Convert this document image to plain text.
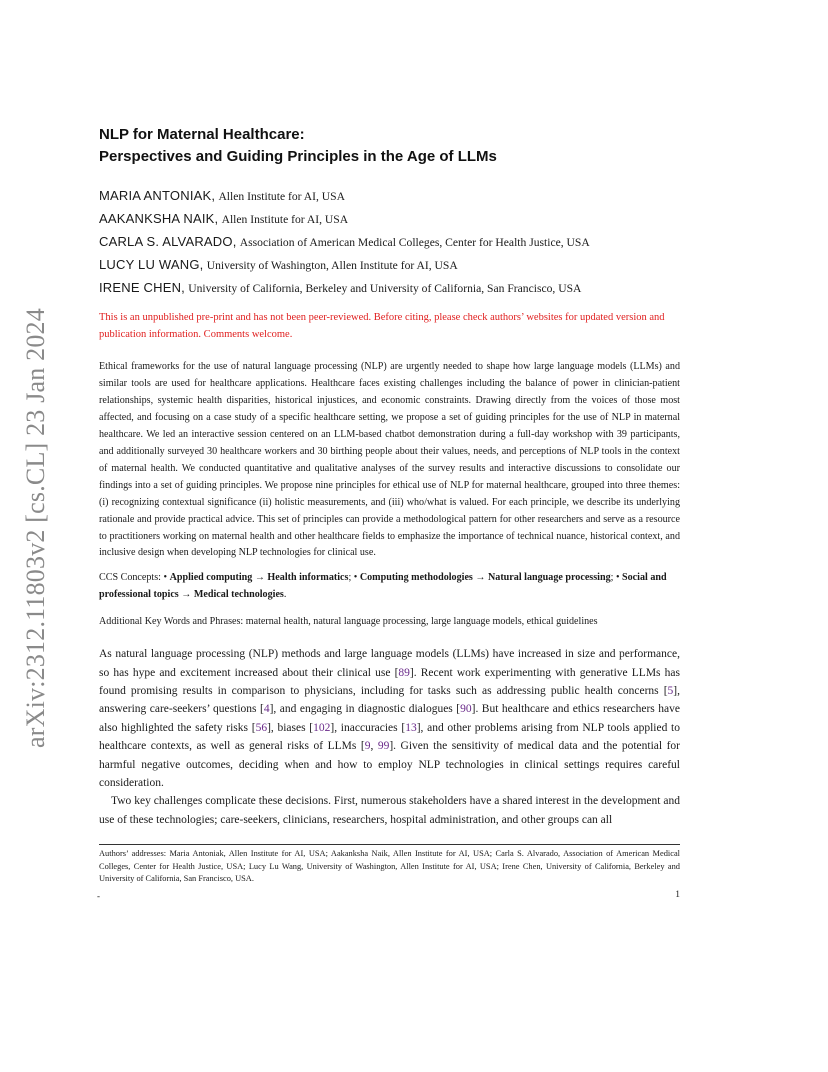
arXiv:2312.11803v2 [cs.CL] 23 Jan 2024
NLP for Maternal Healthcare:
Perspectives and Guiding Principles in the Age of LLMs
MARIA ANTONIAK, Allen Institute for AI, USA
AAKANKSHA NAIK, Allen Institute for AI, USA
CARLA S. ALVARADO, Association of American Medical Colleges, Center for Health Justice, USA
LUCY LU WANG, University of Washington, Allen Institute for AI, USA
IRENE CHEN, University of California, Berkeley and University of California, San Francisco, USA
This is an unpublished pre-print and has not been peer-reviewed. Before citing, please check authors’ websites for updated version and publication information. Comments welcome.
Ethical frameworks for the use of natural language processing (NLP) are urgently needed to shape how large language models (LLMs) and similar tools are used for healthcare applications. Healthcare faces existing challenges including the balance of power in clinician-patient relationships, systemic health disparities, historical injustices, and economic constraints. Drawing directly from the voices of those most affected, and focusing on a case study of a specific healthcare setting, we propose a set of guiding principles for the use of NLP in maternal healthcare. We led an interactive session centered on an LLM-based chatbot demonstration during a full-day workshop with 39 participants, and additionally surveyed 30 healthcare workers and 30 birthing people about their values, needs, and perceptions of NLP tools in the context of maternal health. We conducted quantitative and qualitative analyses of the survey results and interactive discussions to consolidate our findings into a set of guiding principles. We propose nine principles for ethical use of NLP for maternal healthcare, grouped into three themes: (i) recognizing contextual significance (ii) holistic measurements, and (iii) who/what is valued. For each principle, we describe its underlying rationale and provide practical advice. This set of principles can provide a methodological pattern for other researchers and serve as a resource to practitioners working on maternal health and other healthcare fields to emphasize the importance of technical nuance, historical context, and inclusive design when developing NLP technologies for clinical use.
CCS Concepts: • Applied computing → Health informatics; • Computing methodologies → Natural language processing; • Social and professional topics → Medical technologies.
Additional Key Words and Phrases: maternal health, natural language processing, large language models, ethical guidelines

As natural language processing (NLP) methods and large language models (LLMs) have increased in size and performance, so has hype and excitement increased about their clinical use [89]. Recent work experimenting with generative LLMs has found promising results in comparison to physicians, including for tasks such as addressing public health concerns [5], answering care-seekers’ questions [4], and engaging in diagnostic dialogues [90]. But healthcare and ethics researchers have also highlighted the safety risks [56], biases [102], inaccuracies [13], and other problems arising from NLP tools applied to healthcare contexts, as well as general risks of LLMs [9, 99]. Given the sensitivity of medical data and the potential for harmful negative outcomes, deciding when and how to employ NLP technologies in clinical settings requires careful consideration.

Two key challenges complicate these decisions. First, numerous stakeholders have a shared interest in the development and use of these technologies; care-seekers, clinicians, researchers, hospital administration, and other groups can all

Authors’ addresses: Maria Antoniak, Allen Institute for AI, USA; Aakanksha Naik, Allen Institute for AI, USA; Carla S. Alvarado, Association of American Medical Colleges, Center for Health Justice, USA; Lucy Lu Wang, University of Washington, Allen Institute for AI, USA; Irene Chen, University of California, Berkeley and University of California, San Francisco, USA.
-	1
